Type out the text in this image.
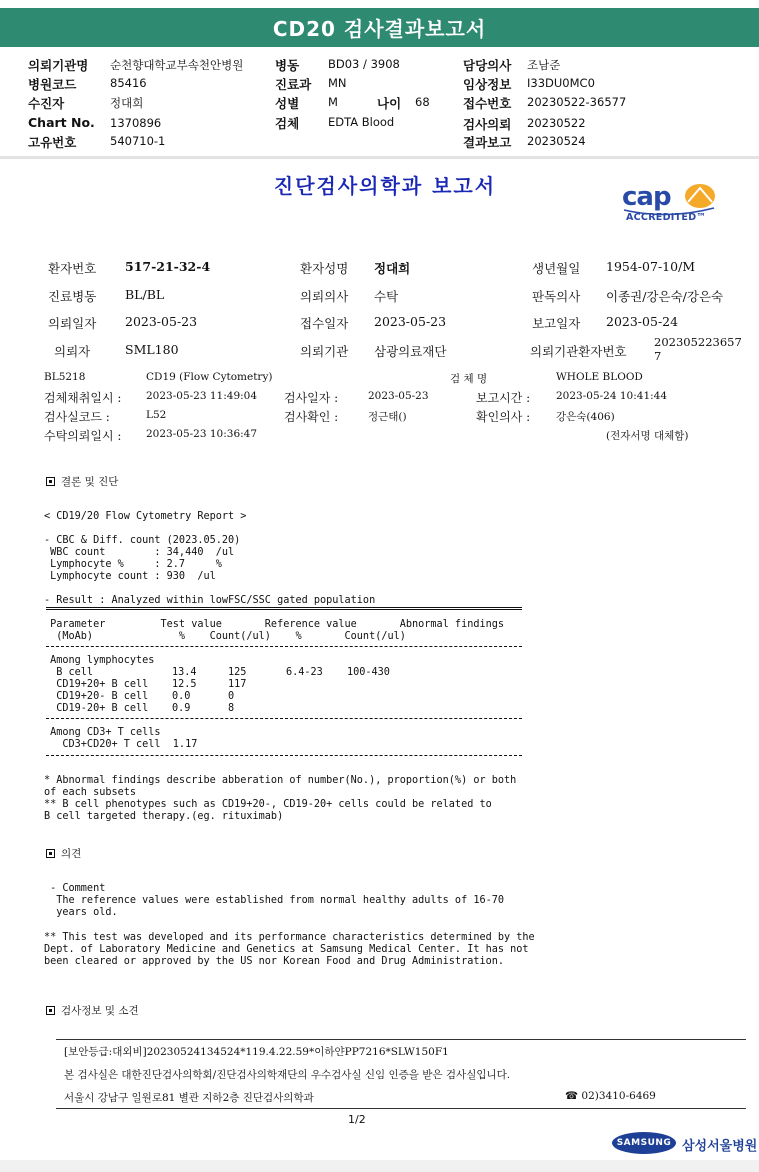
CD20 검사결과보고서
의뢰기관명 순천향대학교부속천안병원	병동	BD03 / 3908	담당의사 조남준
병원코드	85416	진료과 MN	임상정보 I33DU0MC0
수진자	정대희	성별	M	나이 68	접수번호 20230522-36577
Chart No. 1370896	검체	EDTA Blood	검사의뢰 20230522
고유번호	540710-1	결과보고 20230524
진단검사의학과 보고서	cap
ACCREDITED™
환자번호 517-21-32-4	환자성명 정대희	생년월일 1954-07-10/M
진료병동 BL/BL	의뢰의사 수탁	판독의사 이종권/강은숙/강은숙
의뢰일자 2023-05-23	접수일자 2023-05-23	보고일자 2023-05-24
의뢰자	SML180	의뢰기관 삼광의료재단	의뢰기관환자번호
202305223657
7
BL5218	CD19 (Flow Cytometry)	검 체 명	WHOLE BLOOD
검체채취일시 : 2023-05-23 11:49:04 검사일자 :	2023-05-23	보고시간 : 2023-05-24 10:41:44
검사실코드 :	L52	검사확인 :	정근태()	확인의사 : 강은숙(406)
수탁의뢰일시 : 2023-05-23 10:36:47	(전자서명 대체함)
결론 및 진단
< CD19/20 Flow Cytometry Report >
- CBC & Diff. count (2023.05.20)
WBC count        : 34,440  /ul
Lymphocyte %     : 2.7     %
Lymphocyte count : 930  /ul
- Result : Analyzed within lowFSC/SSC gated population
Parameter         Test value       Reference value       Abnormal findings
(MoAb)              %    Count(/ul)    %       Count(/ul)
Among lymphocytes
B cell	13.4	125	6.4-23 100-430
CD19+20+ B cell 12.5	117
CD19+20- B cell 0.0	0
CD19-20+ B cell 0.9	8
Among CD3+ T cells
CD3+CD20+ T cell  1.17
* Abnormal findings describe abberation of number(No.), proportion(%) or both
of each subsets
** B cell phenotypes such as CD19+20-, CD19-20+ cells could be related to
B cell targeted therapy.(eg. rituximab)
의견
- Comment
The reference values were established from normal healthy adults of 16-70
years old.
** This test was developed and its performance characteristics determined by the
Dept. of Laboratory Medicine and Genetics at Samsung Medical Center. It has not
been cleared or approved by the US nor Korean Food and Drug Administration.
검사정보 및 소견
[보안등급:대외비]20230524134524*119.4.22.59*이하얀PP7216*SLW150F1
본 검사실은 대한진단검사의학회/진단검사의학재단의 우수검사실 신임 인증을 받은 검사실입니다.
서울시 강남구 일원로81 별관 지하2층 진단검사의학과	☎ 02)3410-6469
1/2
SAMSUNG 삼성서울병원
